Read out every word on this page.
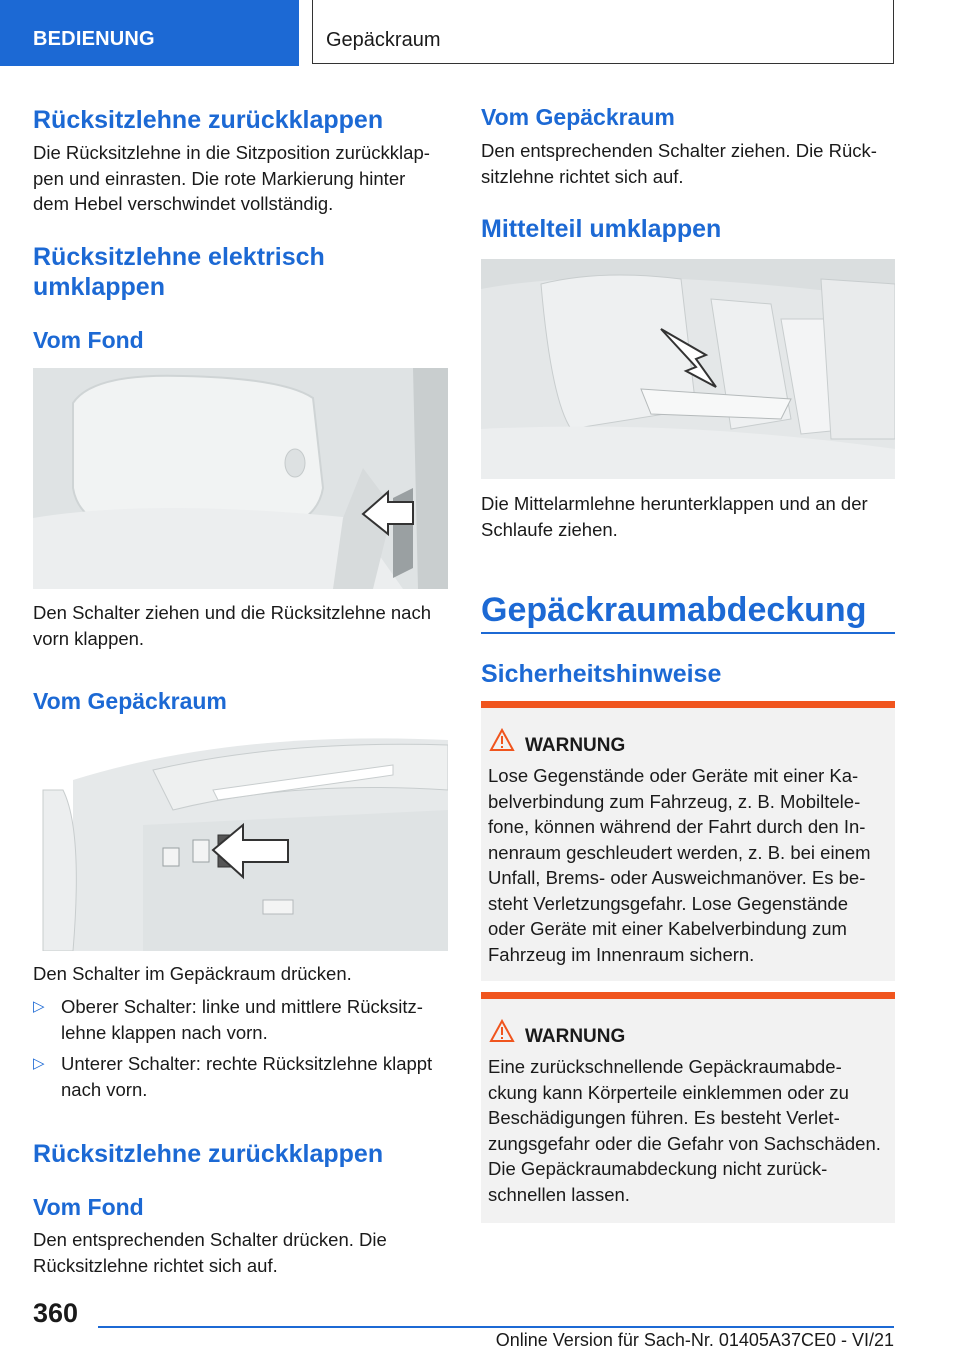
BEDIENUNG	Gepäckraum
Rücksitzlehne zurückklappen

Die Rücksitzlehne in die Sitzposition zurückklap-
pen und einrasten. Die rote Markierung hinter
dem Hebel verschwindet vollständig.

Rücksitzlehne elektrisch
umklappen
Vom Fond

Den Schalter ziehen und die Rücksitzlehne nach
vorn klappen.

Vom Gepäckraum

Den Schalter im Gepäckraum drücken.

▷ Oberer Schalter: linke und mittlere Rücksitz-
lehne klappen nach vorn.
▷ Unterer Schalter: rechte Rücksitzlehne klappt
nach vorn.
Rücksitzlehne zurückklappen
Vom Fond

Den entsprechenden Schalter drücken. Die
Rücksitzlehne richtet sich auf.

Vom Gepäckraum

Den entsprechenden Schalter ziehen. Die Rück-
sitzlehne richtet sich auf.

Mittelteil umklappen

Die Mittelarmlehne herunterklappen und an der
Schlaufe ziehen.

Gepäckraumabdeckung
Sicherheitshinweise
WARNUNG

Lose Gegenstände oder Geräte mit einer Ka-
belverbindung zum Fahrzeug, z. B. Mobiltele-
fone, können während der Fahrt durch den In-
nenraum geschleudert werden, z. B. bei einem
Unfall, Brems- oder Ausweichmanöver. Es be-
steht Verletzungsgefahr. Lose Gegenstände
oder Geräte mit einer Kabelverbindung zum
Fahrzeug im Innenraum sichern.

WARNUNG

Eine zurückschnellende Gepäckraumabde-
ckung kann Körperteile einklemmen oder zu
Beschädigungen führen. Es besteht Verlet-
zungsgefahr oder die Gefahr von Sachschäden.
Die Gepäckraumabdeckung nicht zurück-
schnellen lassen.

360
Online Version für Sach-Nr. 01405A37CE0 - VI/21
